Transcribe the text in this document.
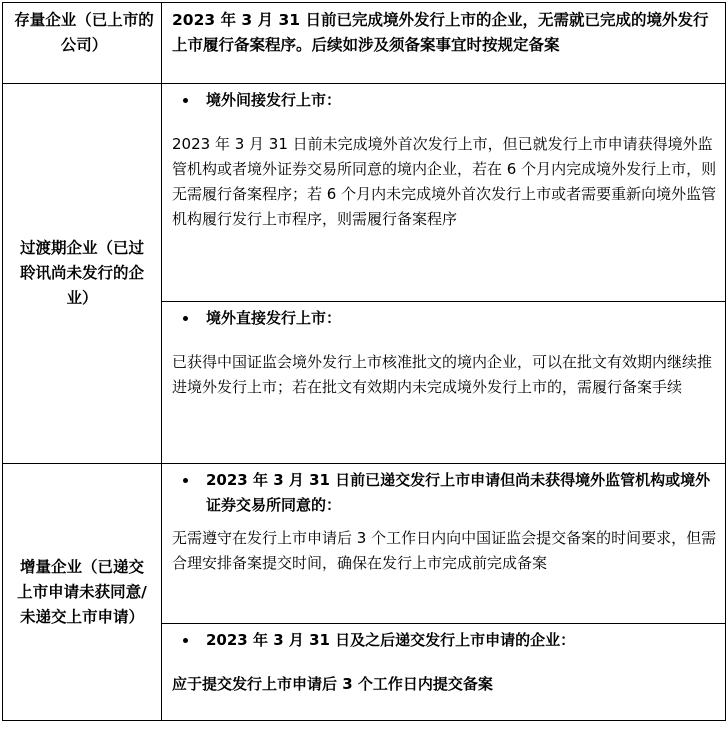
存量企业（已上市的公司）	2023 年 3 月 31 日前已完成境外发行上市的企业，无需就已完成的境外发行上市履行备案程序。后续如涉及须备案事宜时按规定备案

过渡期企业（已过聆讯尚未发行的企业）	境外间接发行上市：

2023 年 3 月 31 日前未完成境外首次发行上市，但已就发行上市申请获得境外监管机构或者境外证券交易所同意的境内企业，若在 6 个月内完成境外发行上市，则无需履行备案程序；若 6 个月内未完成境外首次发行上市或者需要重新向境外监管机构履行发行上市程序，则需履行备案程序

	境外直接发行上市：

已获得中国证监会境外发行上市核准批文的境内企业，可以在批文有效期内继续推进境外发行上市；若在批文有效期内未完成境外发行上市的，需履行备案手续

增量企业（已递交上市申请未获同意/未递交上市申请）	2023 年 3 月 31 日前已递交发行上市申请但尚未获得境外监管机构或境外证券交易所同意的：

无需遵守在发行上市申请后 3 个工作日内向中国证监会提交备案的时间要求，但需合理安排备案提交时间，确保在发行上市完成前完成备案

	2023 年 3 月 31 日及之后递交发行上市申请的企业：

应于提交发行上市申请后 3 个工作日内提交备案
